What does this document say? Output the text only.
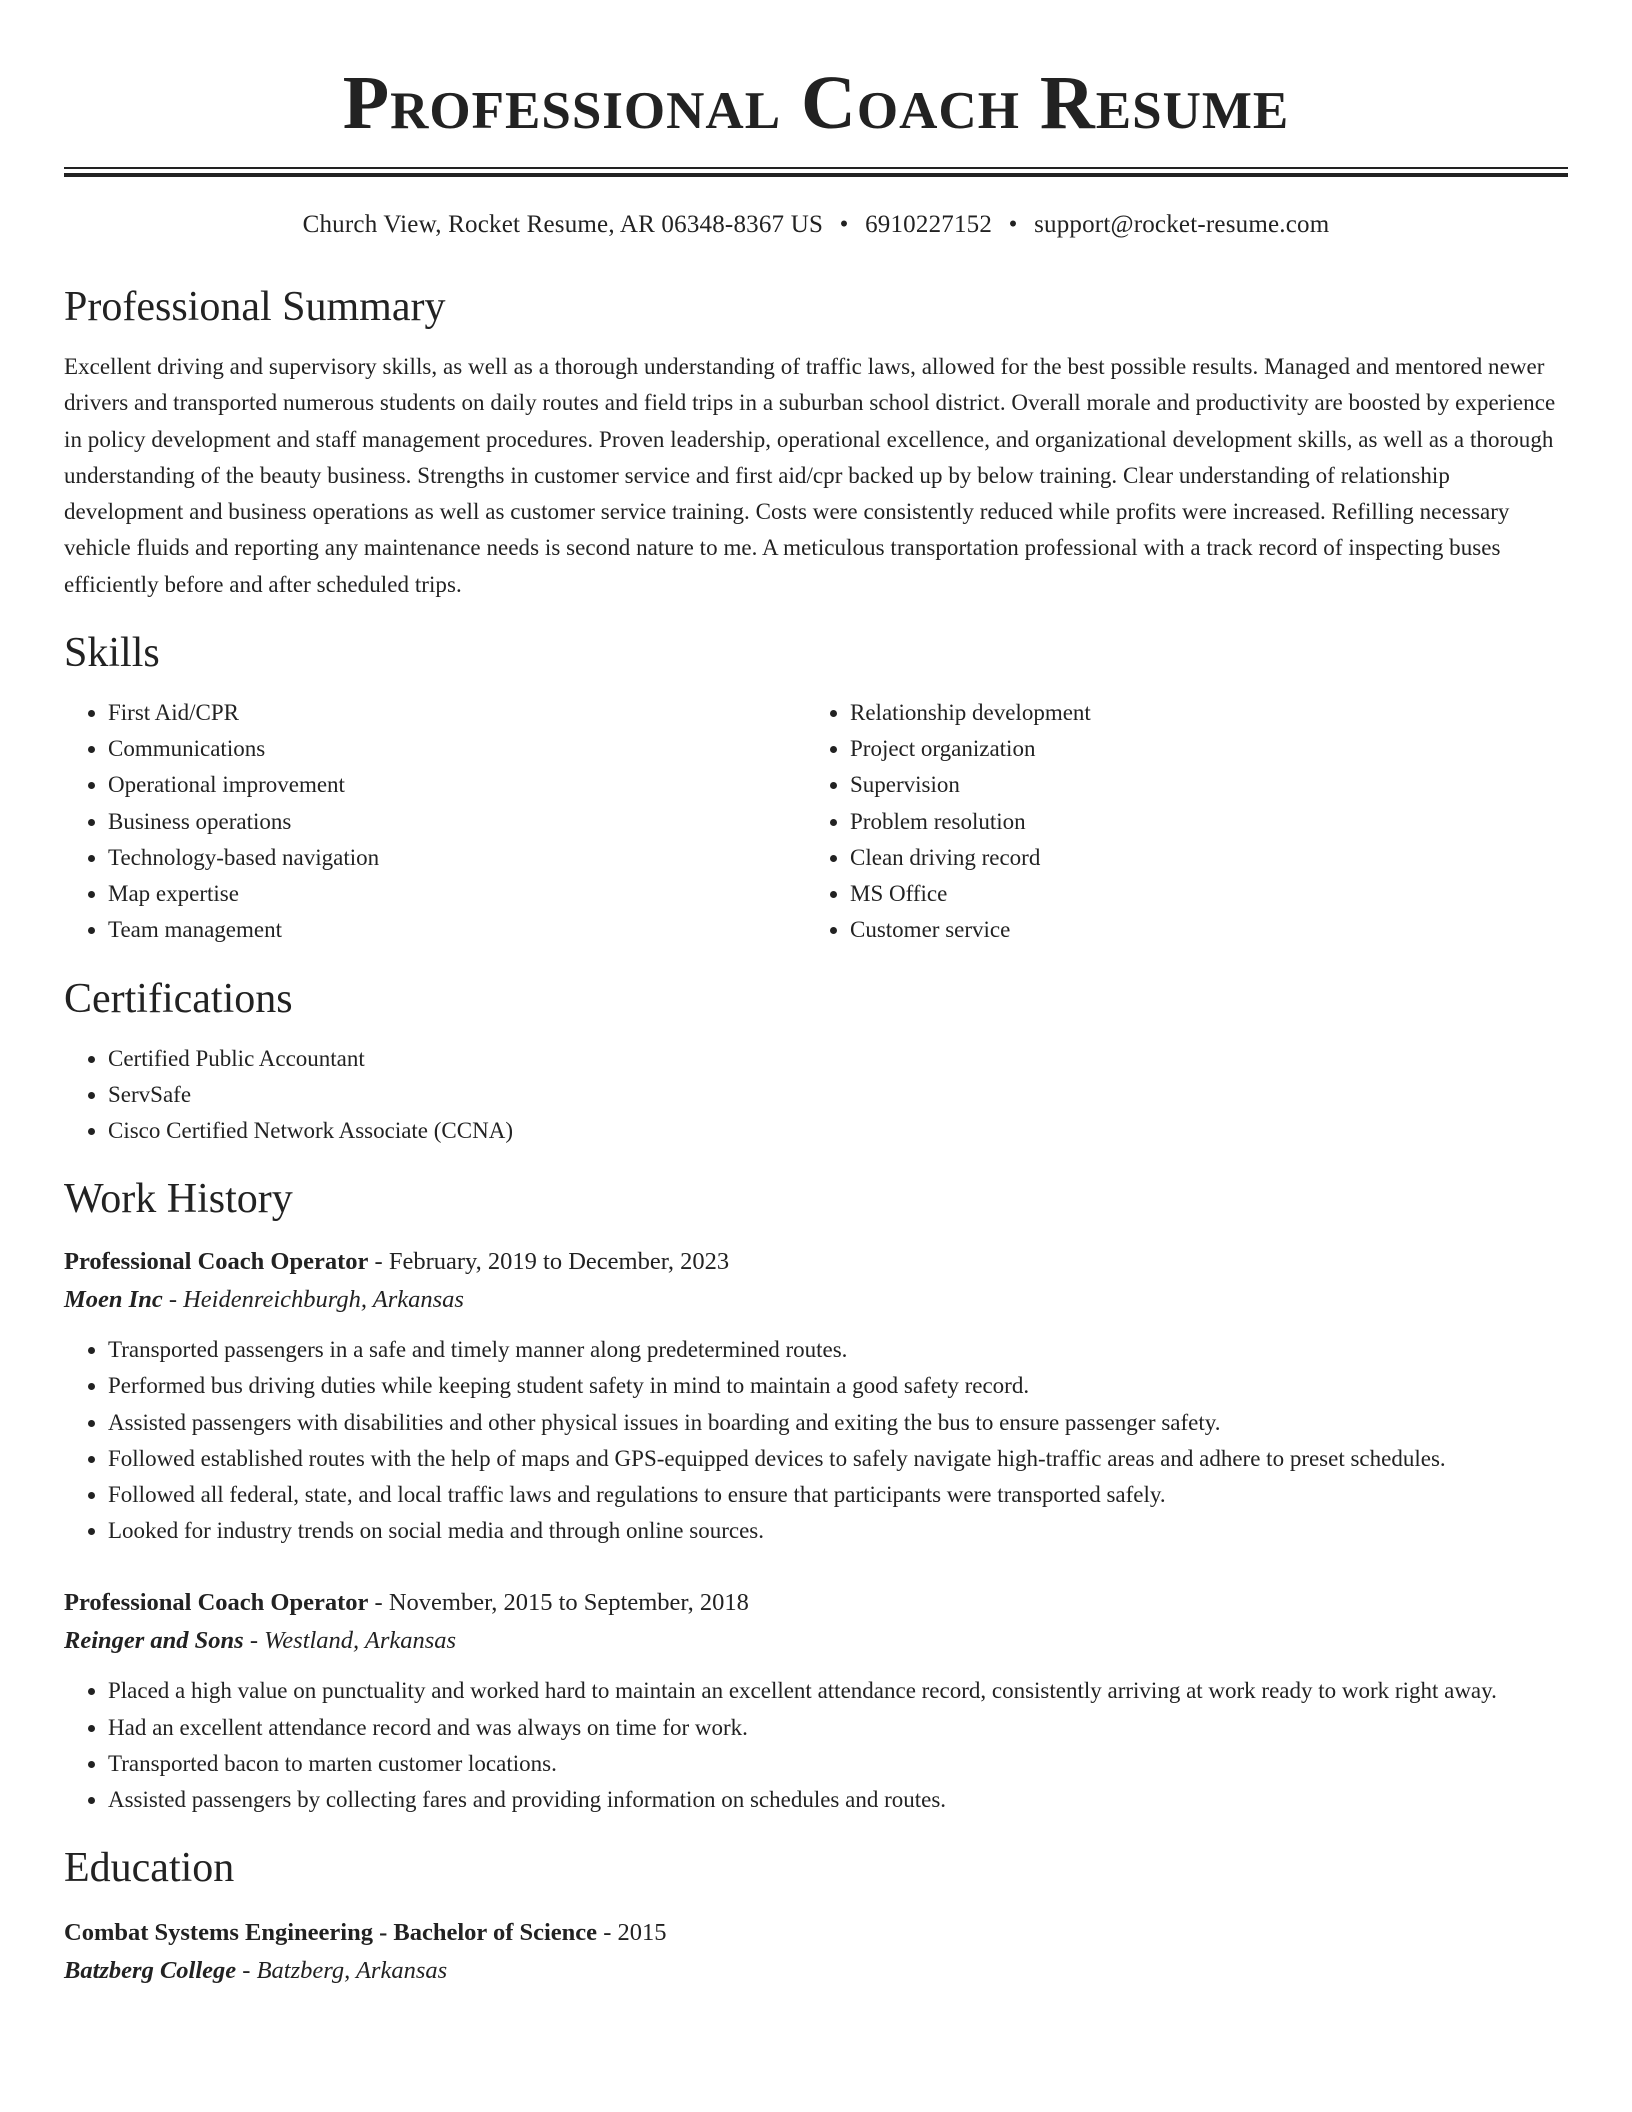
Professional Coach Resume
Church View, Rocket Resume, AR 06348-8367 US • 6910227152 • support@rocket-resume.com
Professional Summary
Excellent driving and supervisory skills, as well as a thorough understanding of traffic laws, allowed for the best possible results. Managed and mentored newer drivers and transported numerous students on daily routes and field trips in a suburban school district. Overall morale and productivity are boosted by experience in policy development and staff management procedures. Proven leadership, operational excellence, and organizational development skills, as well as a thorough understanding of the beauty business. Strengths in customer service and first aid/cpr backed up by below training. Clear understanding of relationship development and business operations as well as customer service training. Costs were consistently reduced while profits were increased. Refilling necessary vehicle fluids and reporting any maintenance needs is second nature to me. A meticulous transportation professional with a track record of inspecting buses efficiently before and after scheduled trips.
Skills
• First Aid/CPR
• Communications
• Operational improvement
• Business operations
• Technology-based navigation
• Map expertise
• Team management
• Relationship development
• Project organization
• Supervision
• Problem resolution
• Clean driving record
• MS Office
• Customer service
Certifications
• Certified Public Accountant
• ServSafe
• Cisco Certified Network Associate (CCNA)
Work History
Professional Coach Operator - February, 2019 to December, 2023
Moen Inc - Heidenreichburgh, Arkansas
• Transported passengers in a safe and timely manner along predetermined routes.
• Performed bus driving duties while keeping student safety in mind to maintain a good safety record.
• Assisted passengers with disabilities and other physical issues in boarding and exiting the bus to ensure passenger safety.
• Followed established routes with the help of maps and GPS-equipped devices to safely navigate high-traffic areas and adhere to preset schedules.
• Followed all federal, state, and local traffic laws and regulations to ensure that participants were transported safely.
• Looked for industry trends on social media and through online sources.
Professional Coach Operator - November, 2015 to September, 2018
Reinger and Sons - Westland, Arkansas
• Placed a high value on punctuality and worked hard to maintain an excellent attendance record, consistently arriving at work ready to work right away.
• Had an excellent attendance record and was always on time for work.
• Transported bacon to marten customer locations.
• Assisted passengers by collecting fares and providing information on schedules and routes.
Education
Combat Systems Engineering - Bachelor of Science - 2015
Batzberg College - Batzberg, Arkansas
